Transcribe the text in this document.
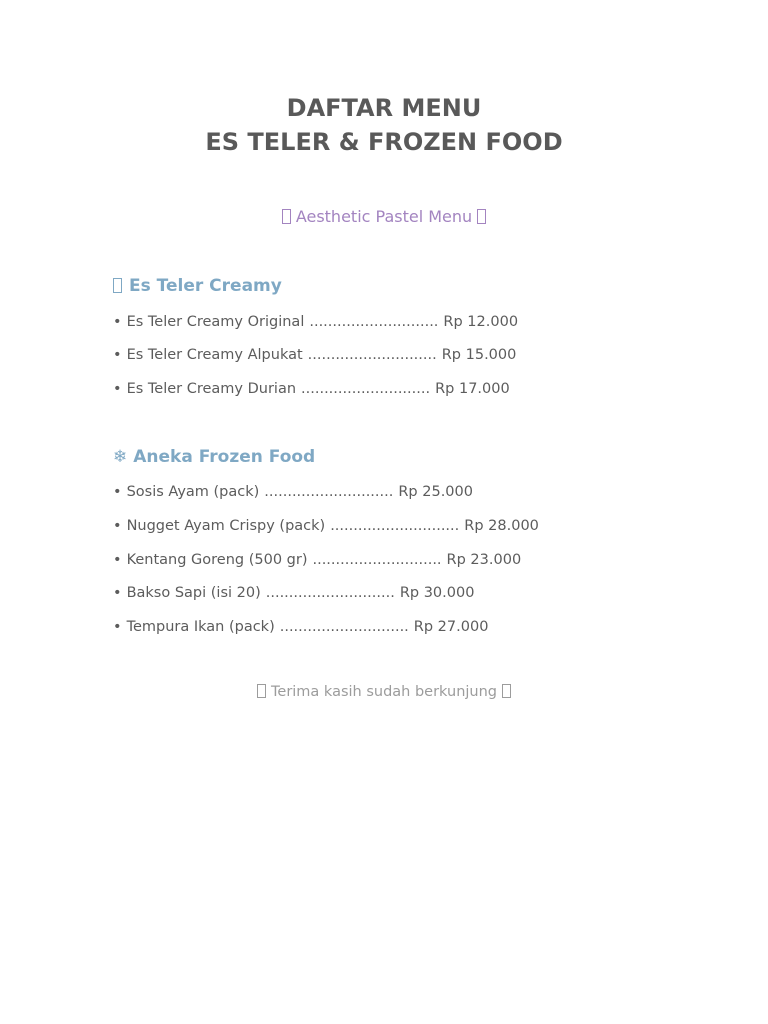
DAFTAR MENU
ES TELER & FROZEN FOOD
Aesthetic Pastel Menu
Es Teler Creamy
• Es Teler Creamy Original ............................ Rp 12.000
• Es Teler Creamy Alpukat ............................ Rp 15.000
• Es Teler Creamy Durian ............................ Rp 17.000
❄ Aneka Frozen Food
• Sosis Ayam (pack) ............................ Rp 25.000
• Nugget Ayam Crispy (pack) ............................ Rp 28.000
• Kentang Goreng (500 gr) ............................ Rp 23.000
• Bakso Sapi (isi 20) ............................ Rp 30.000
• Tempura Ikan (pack) ............................ Rp 27.000
Terima kasih sudah berkunjung
